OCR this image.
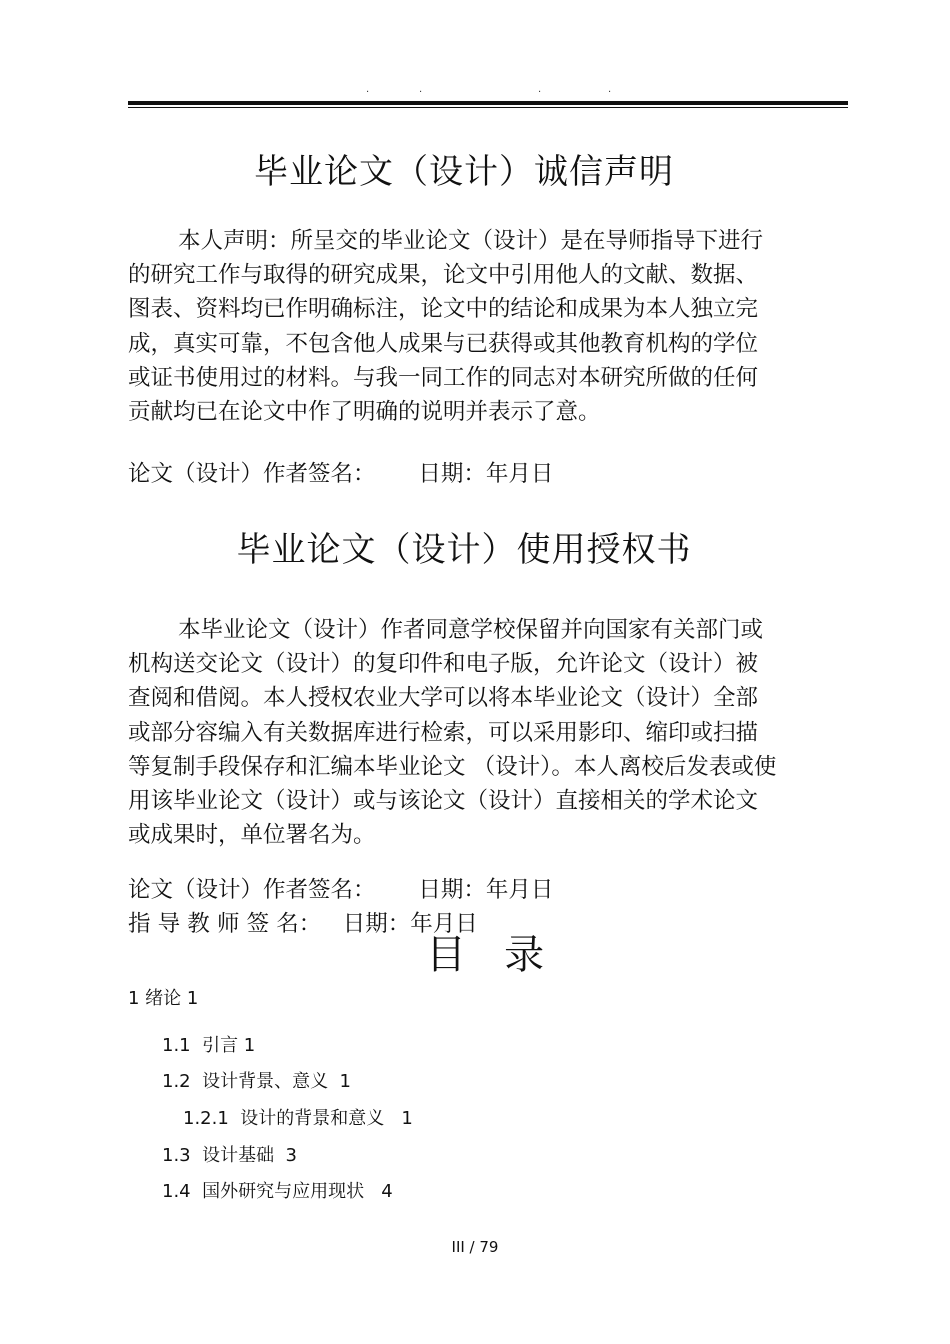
.	.	.	.
毕业论文（设计）诚信声明
本人声明：所呈交的毕业论文（设计）是在导师指导下进行
的研究工作与取得的研究成果，论文中引用他人的文献、数据、
图表、资料均已作明确标注，论文中的结论和成果为本人独立完
成，真实可靠，不包含他人成果与已获得或其他教育机构的学位
或证书使用过的材料。与我一同工作的同志对本研究所做的任何
贡献均已在论文中作了明确的说明并表示了意。

论文（设计）作者签名：      日期：年月日

毕业论文（设计）使用授权书
本毕业论文（设计）作者同意学校保留并向国家有关部门或
机构送交论文（设计）的复印件和电子版，允许论文（设计）被
查阅和借阅。本人授权农业大学可以将本毕业论文（设计）全部
或部分容编入有关数据库进行检索，可以采用影印、缩印或扫描
等复制手段保存和汇编本毕业论文 （设计）。本人离校后发表或使
用该毕业论文（设计）或与该论文（设计）直接相关的学术论文
或成果时，单位署名为。

论文（设计）作者签名：      日期：年月日

指 导 教 师 签 名：   日期：年月日

目   录
1 绪论 1
1.1  引言 1
1.2  设计背景、意义  1
1.2.1  设计的背景和意义   1
1.3  设计基础  3
1.4  国外研究与应用现状   4
III / 79
